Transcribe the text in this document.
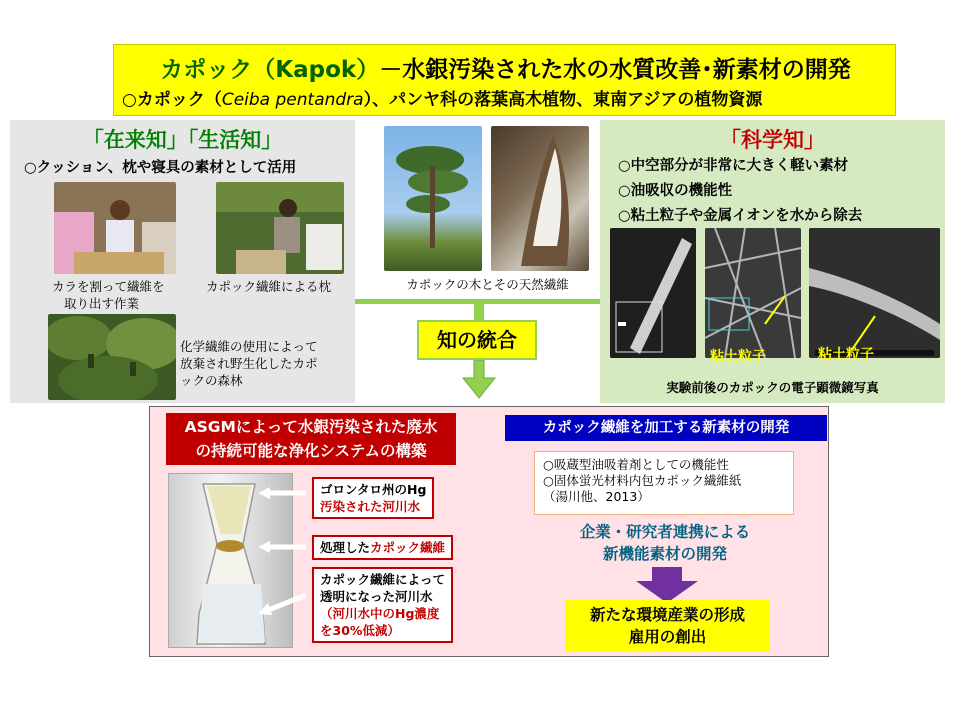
カポック（Kapok）－水銀汚染された水の水質改善･新素材の開発
○カポック（Ceiba pentandra）、パンヤ科の落葉高木植物、東南アジアの植物資源
「在来知」「生活知」
○クッション、枕や寝具の素材として活用
カラを割って繊維を
取り出す作業
カポック繊維による枕
化学繊維の使用によって
放棄され野生化したカポ
ックの森林
カポックの木とその天然繊維
知の統合
「科学知」
○中空部分が非常に大きく軽い素材
○油吸収の機能性
○粘土粒子や金属イオンを水から除去
粘土粒子	粘土粒子
実験前後のカポックの電子顕微鏡写真
ASGMによって水銀汚染された廃水
の持続可能な浄化システムの構築
ゴロンタロ州のHg
汚染された河川水
処理したカポック繊維
カポック繊維によって
透明になった河川水
（河川水中のHg濃度
を30%低減）
カポック繊維を加工する新素材の開発
○吸蔵型油吸着剤としての機能性
○固体蛍光材料内包カポック繊維紙
（湯川他、2013）
企業・研究者連携による
新機能素材の開発
新たな環境産業の形成
雇用の創出
